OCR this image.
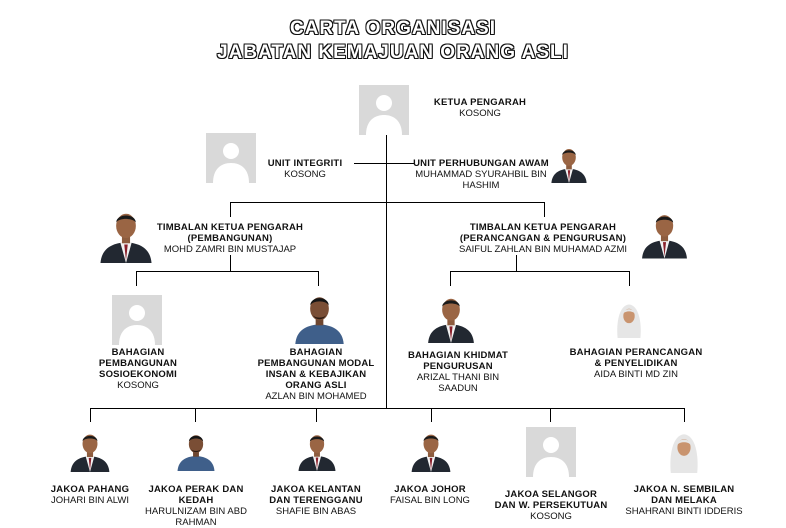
CARTA ORGANISASI
JABATAN KEMAJUAN ORANG ASLI
KETUA PENGARAH
KOSONG
UNIT INTEGRITI
KOSONG
UNIT PERHUBUNGAN AWAM
MUHAMMAD SYURAHBIL BIN
HASHIM
TIMBALAN KETUA PENGARAH
(PEMBANGUNAN)
MOHD ZAMRI BIN MUSTAJAP
TIMBALAN KETUA PENGARAH
(PERANCANGAN & PENGURUSAN)
SAIFUL ZAHLAN BIN MUHAMAD AZMI
BAHAGIAN
PEMBANGUNAN
SOSIOEKONOMI
KOSONG
BAHAGIAN
PEMBANGUNAN MODAL
INSAN & KEBAJIKAN
ORANG ASLI
AZLAN BIN MOHAMED
BAHAGIAN KHIDMAT
PENGURUSAN
ARIZAL THANI BIN SAADUN
BAHAGIAN PERANCANGAN
& PENYELIDIKAN
AIDA BINTI MD ZIN
JAKOA PAHANG
JOHARI BIN ALWI
JAKOA PERAK DAN
KEDAH
HARULNIZAM BIN ABD
RAHMAN
JAKOA KELANTAN
DAN TERENGGANU
SHAFIE BIN ABAS
JAKOA JOHOR
FAISAL BIN LONG
JAKOA SELANGOR
DAN W. PERSEKUTUAN
KOSONG
JAKOA N. SEMBILAN
DAN MELAKA
SHAHRANI BINTI IDDERIS
